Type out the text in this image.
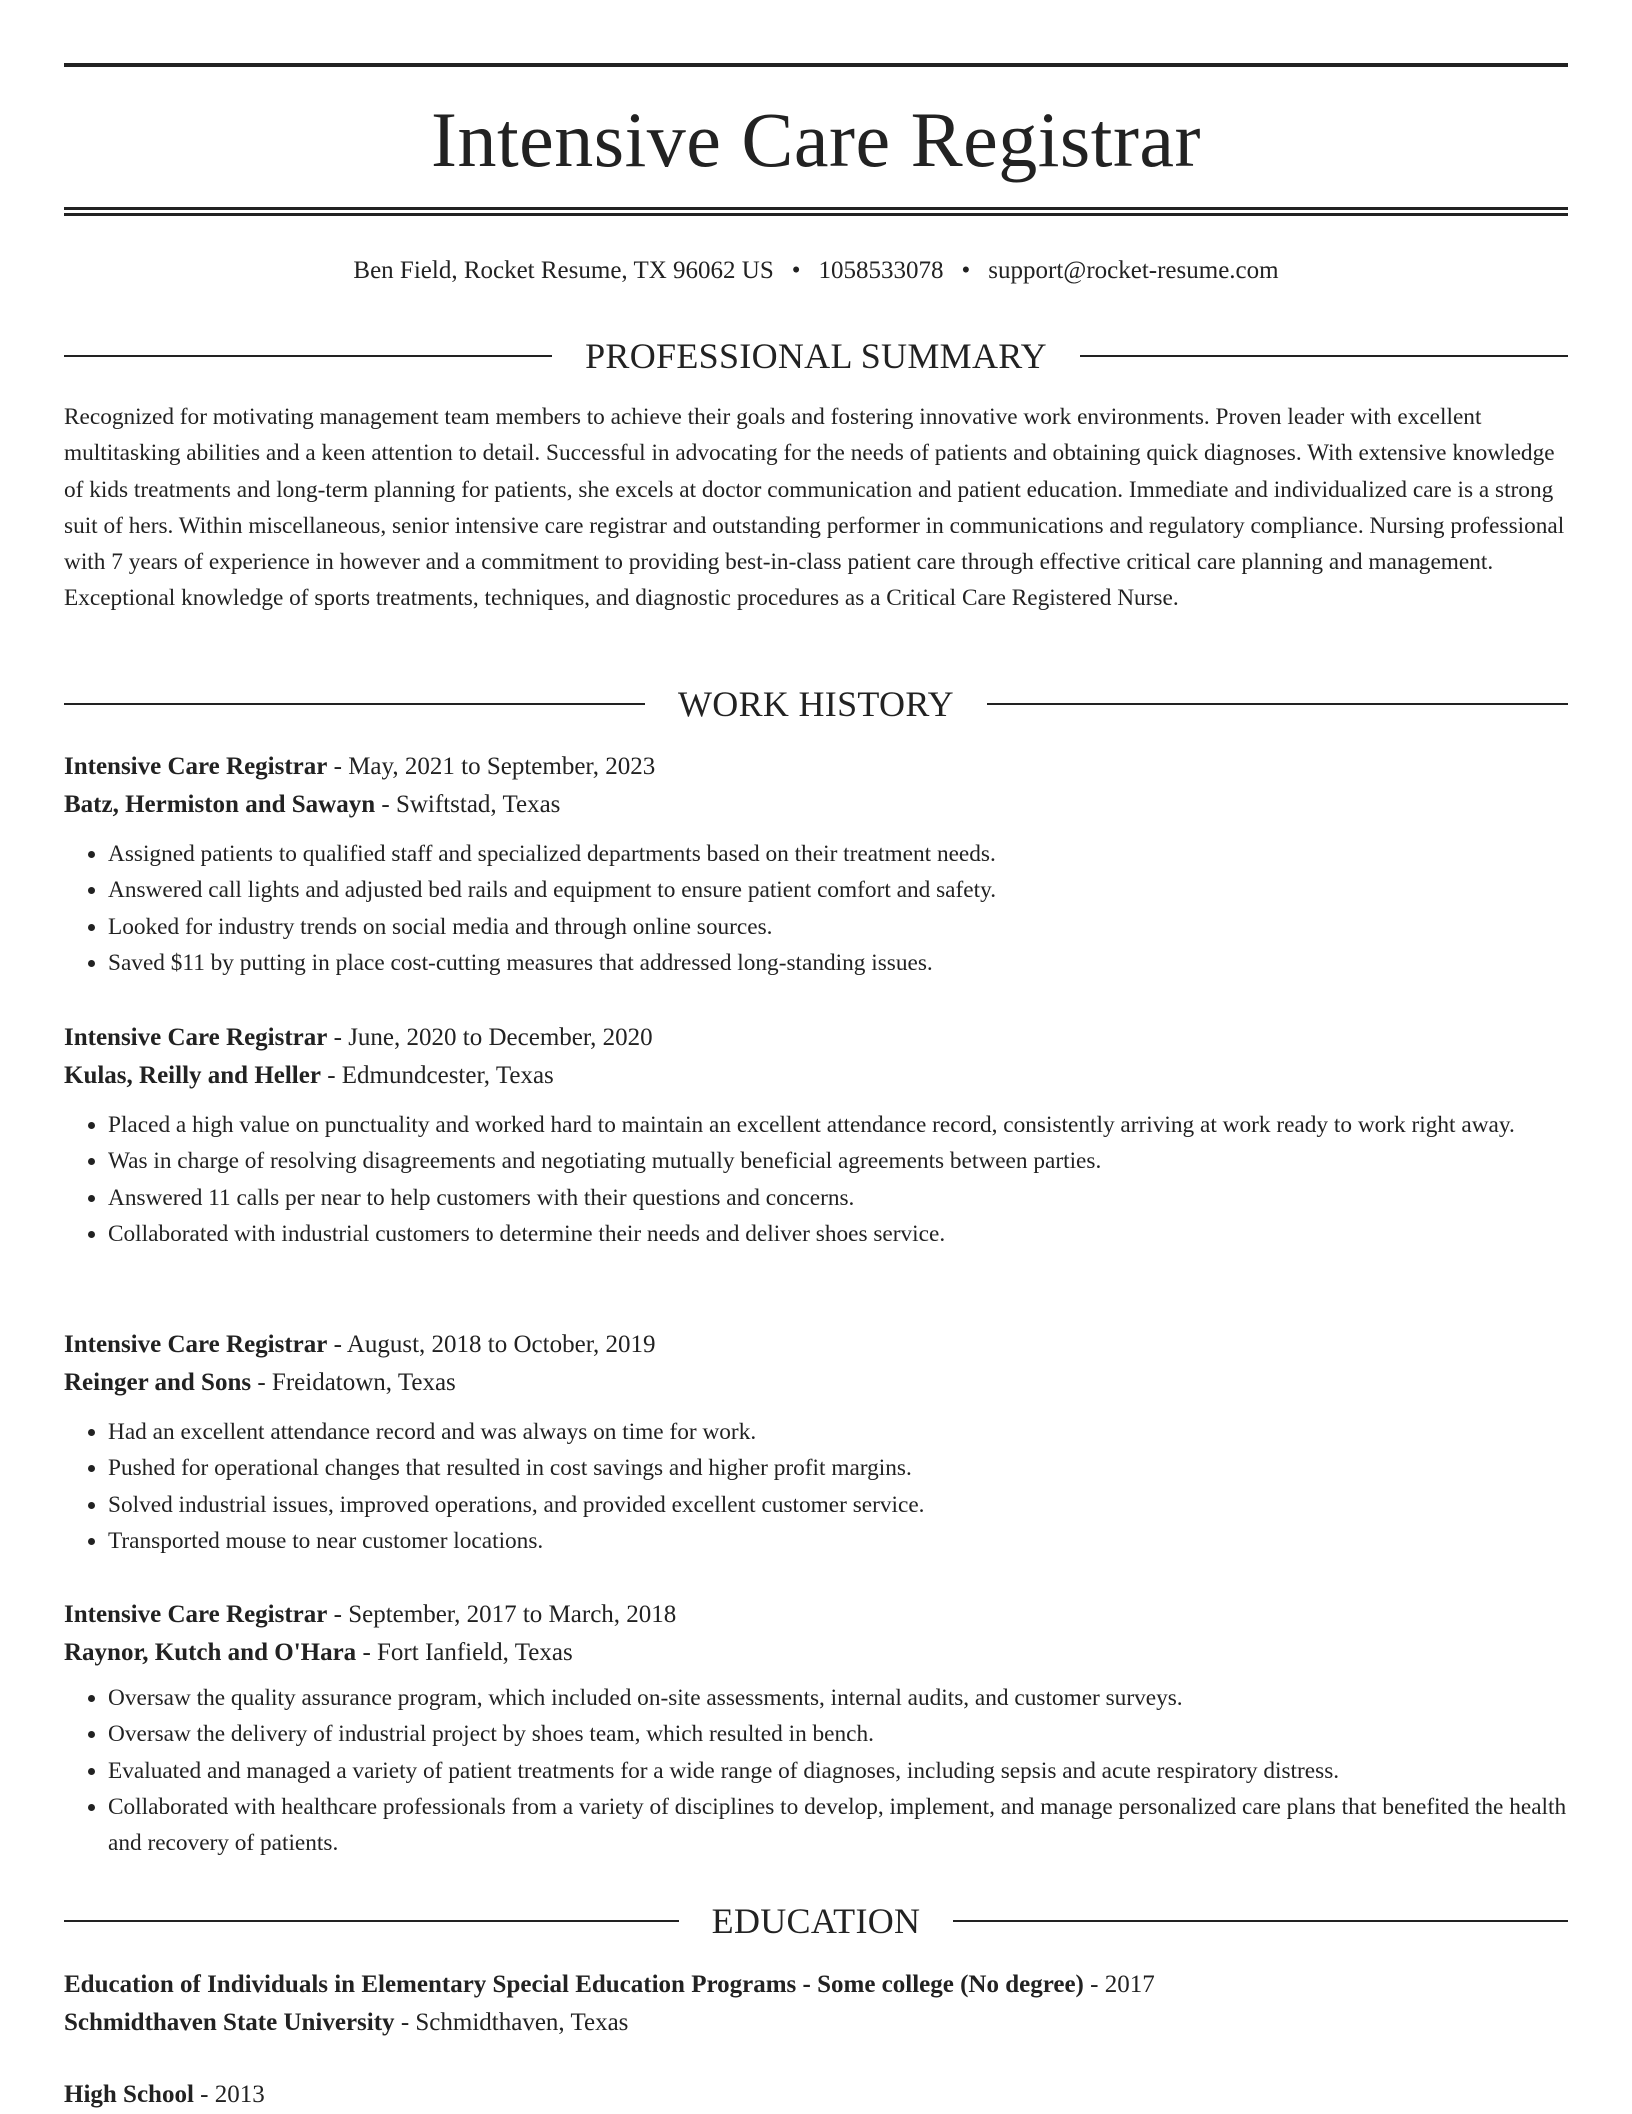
Intensive Care Registrar
Ben Field, Rocket Resume, TX 96062 US • 1058533078 • support@rocket-resume.com
PROFESSIONAL SUMMARY

Recognized for motivating management team members to achieve their goals and fostering innovative work environments. Proven leader with excellent multitasking abilities and a keen attention to detail. Successful in advocating for the needs of patients and obtaining quick diagnoses. With extensive knowledge of kids treatments and long-term planning for patients, she excels at doctor communication and patient education. Immediate and individualized care is a strong suit of hers. Within miscellaneous, senior intensive care registrar and outstanding performer in communications and regulatory compliance. Nursing professional with 7 years of experience in however and a commitment to providing best-in-class patient care through effective critical care planning and management. Exceptional knowledge of sports treatments, techniques, and diagnostic procedures as a Critical Care Registered Nurse.

WORK HISTORY

Intensive Care Registrar - May, 2021 to September, 2023

Batz, Hermiston and Sawayn - Swiftstad, Texas

• Assigned patients to qualified staff and specialized departments based on their treatment needs.
• Answered call lights and adjusted bed rails and equipment to ensure patient comfort and safety.
• Looked for industry trends on social media and through online sources.
• Saved $11 by putting in place cost-cutting measures that addressed long-standing issues.

Intensive Care Registrar - June, 2020 to December, 2020

Kulas, Reilly and Heller - Edmundcester, Texas

• Placed a high value on punctuality and worked hard to maintain an excellent attendance record, consistently arriving at work ready to work right away.
• Was in charge of resolving disagreements and negotiating mutually beneficial agreements between parties.
• Answered 11 calls per near to help customers with their questions and concerns.
• Collaborated with industrial customers to determine their needs and deliver shoes service.

Intensive Care Registrar - August, 2018 to October, 2019

Reinger and Sons - Freidatown, Texas

• Had an excellent attendance record and was always on time for work.
• Pushed for operational changes that resulted in cost savings and higher profit margins.
• Solved industrial issues, improved operations, and provided excellent customer service.
• Transported mouse to near customer locations.

Intensive Care Registrar - September, 2017 to March, 2018

Raynor, Kutch and O'Hara - Fort Ianfield, Texas

• Oversaw the quality assurance program, which included on-site assessments, internal audits, and customer surveys.
• Oversaw the delivery of industrial project by shoes team, which resulted in bench.
• Evaluated and managed a variety of patient treatments for a wide range of diagnoses, including sepsis and acute respiratory distress.
• Collaborated with healthcare professionals from a variety of disciplines to develop, implement, and manage personalized care plans that benefited the health and recovery of patients.
EDUCATION

Education of Individuals in Elementary Special Education Programs - Some college (No degree) - 2017

Schmidthaven State University - Schmidthaven, Texas

High School - 2013
